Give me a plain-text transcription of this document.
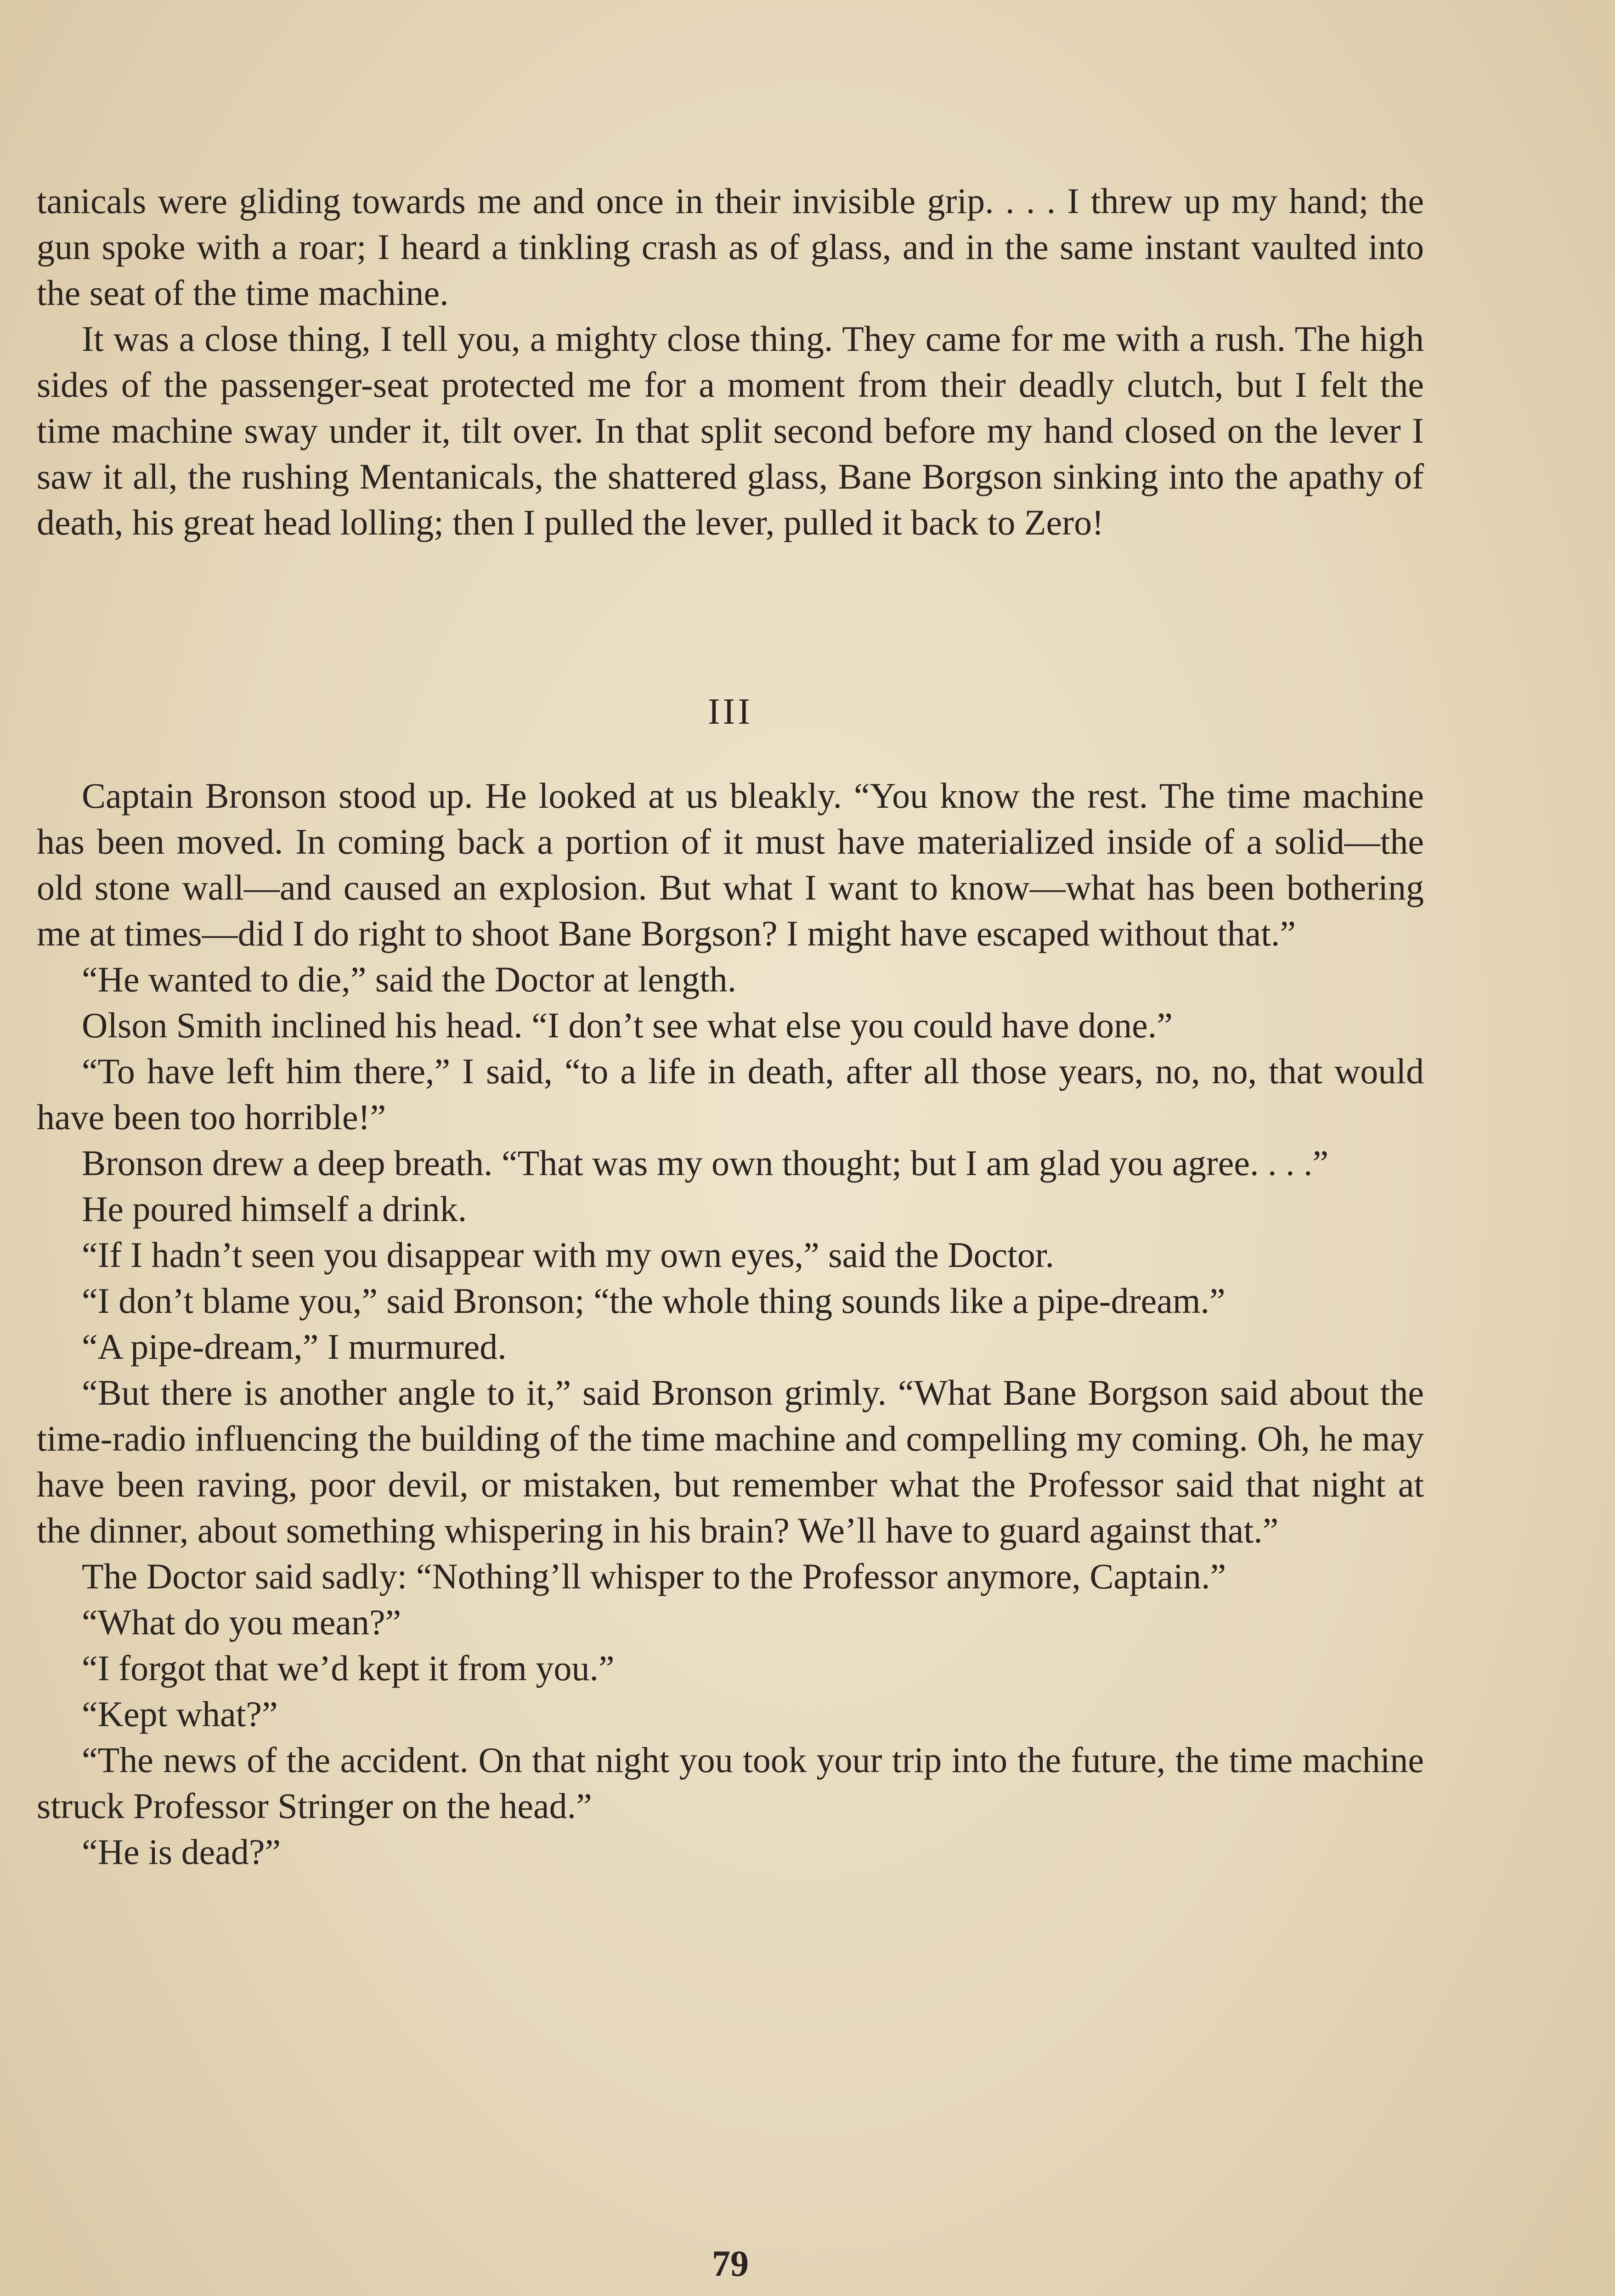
tanicals were gliding towards me and once in their invisible grip. . . . I threw up my hand; the gun spoke with a roar; I heard a tinkling crash as of glass, and in the same instant vaulted into the seat of the time machine.

It was a close thing, I tell you, a mighty close thing. They came for me with a rush. The high sides of the passenger-seat protected me for a moment from their deadly clutch, but I felt the time machine sway under it, tilt over. In that split second before my hand closed on the lever I saw it all, the rushing Mentanicals, the shattered glass, Bane Borgson sinking into the apathy of death, his great head lolling; then I pulled the lever, pulled it back to Zero!

III

Captain Bronson stood up. He looked at us bleakly. “You know the rest. The time machine has been moved. In coming back a portion of it must have materialized inside of a solid—the old stone wall—and caused an explosion. But what I want to know—what has been bothering me at times—did I do right to shoot Bane Borgson? I might have escaped without that.”

“He wanted to die,” said the Doctor at length.

Olson Smith inclined his head. “I don’t see what else you could have done.”

“To have left him there,” I said, “to a life in death, after all those years, no, no, that would have been too horrible!”

Bronson drew a deep breath. “That was my own thought; but I am glad you agree. . . .”

He poured himself a drink.

“If I hadn’t seen you disappear with my own eyes,” said the Doctor.

“I don’t blame you,” said Bronson; “the whole thing sounds like a pipe-dream.”

“A pipe-dream,” I murmured.

“But there is another angle to it,” said Bronson grimly. “What Bane Borgson said about the time-radio influencing the building of the time machine and compelling my coming. Oh, he may have been raving, poor devil, or mistaken, but remember what the Professor said that night at the dinner, about something whispering in his brain? We’ll have to guard against that.”

The Doctor said sadly: “Nothing’ll whisper to the Professor anymore, Captain.”

“What do you mean?”

“I forgot that we’d kept it from you.”

“Kept what?”

“The news of the accident. On that night you took your trip into the future, the time machine struck Professor Stringer on the head.”

“He is dead?”

79
